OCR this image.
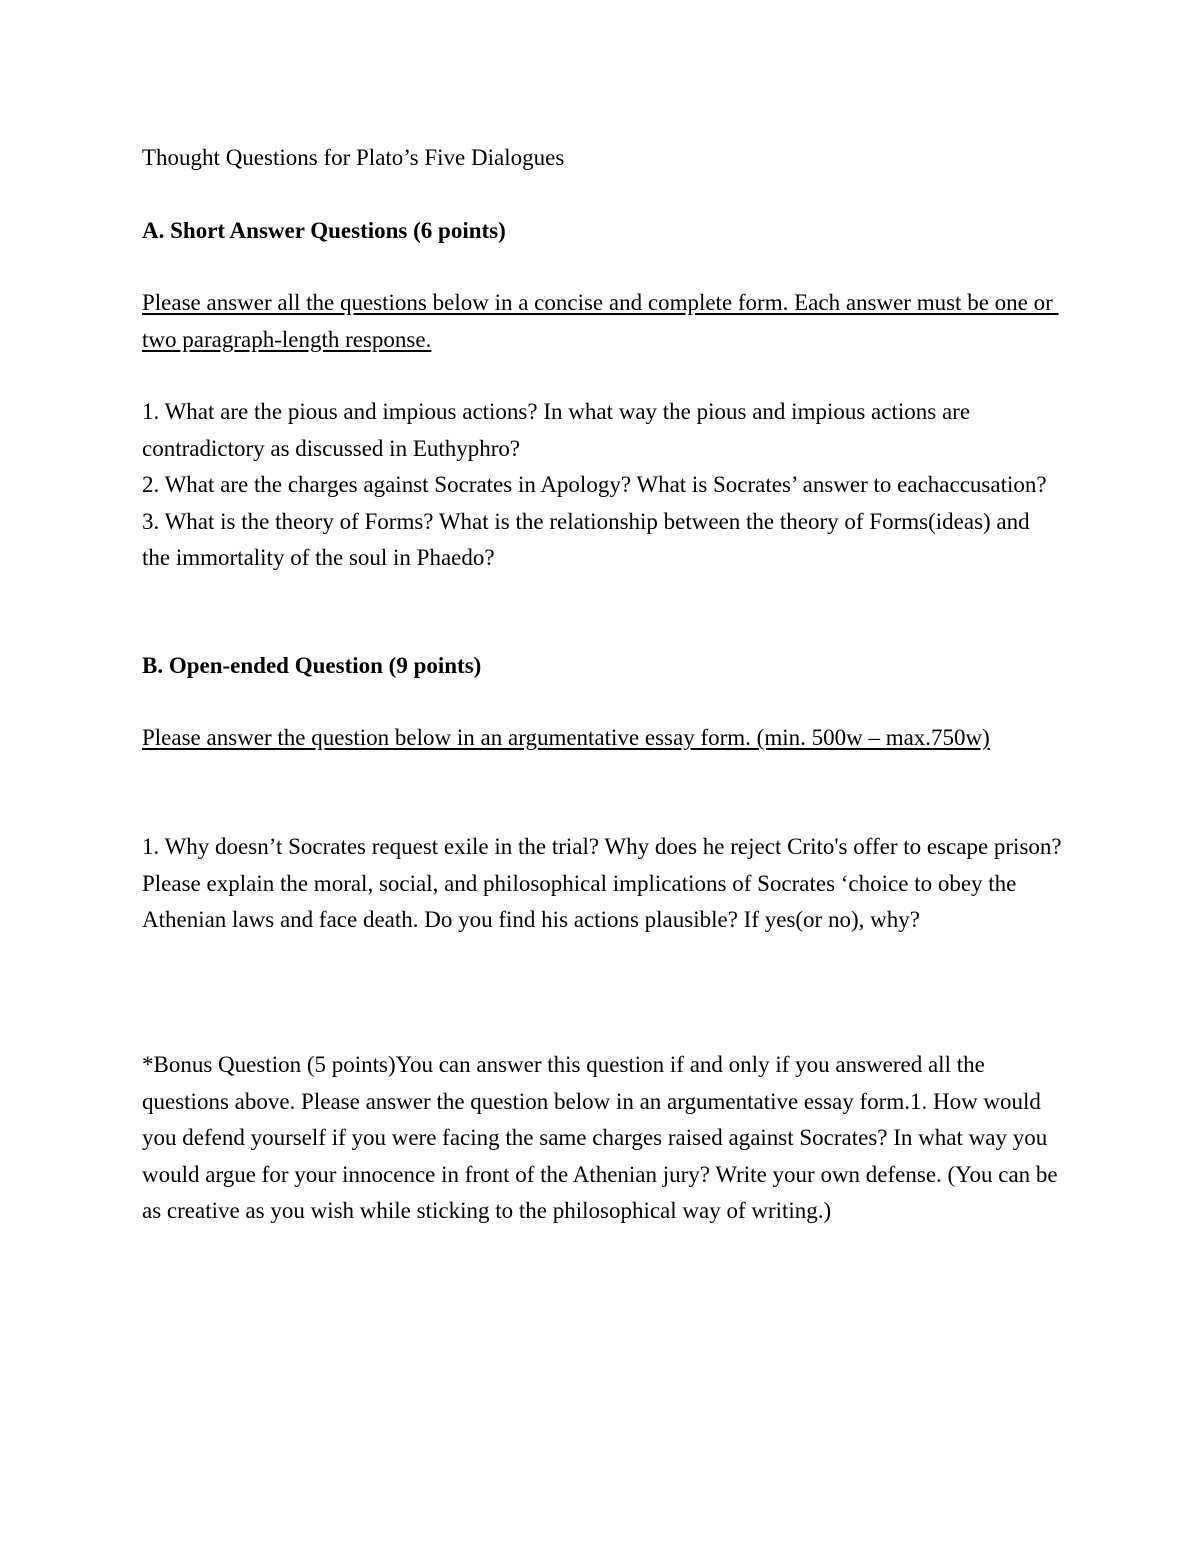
Thought Questions for Plato’s Five Dialogues

A. Short Answer Questions (6 points)

Please answer all the questions below in a concise and complete form. Each answer must be one or two paragraph-length response.

1. What are the pious and impious actions? In what way the pious and impious actions are contradictory as discussed in Euthyphro?
2. What are the charges against Socrates in Apology? What is Socrates’ answer to eachaccusation?3. What is the theory of Forms? What is the relationship between the theory of Forms(ideas) and the immortality of the soul in Phaedo?

B. Open-ended Question (9 points)

Please answer the question below in an argumentative essay form. (min. 500w – max.750w)

1. Why doesn’t Socrates request exile in the trial? Why does he reject Crito's offer to escape prison? Please explain the moral, social, and philosophical implications of Socrates ‘choice to obey the Athenian laws and face death. Do you find his actions plausible? If yes(or no), why?

*Bonus Question (5 points)You can answer this question if and only if you answered all the questions above. Please answer the question below in an argumentative essay form.1. How would you defend yourself if you were facing the same charges raised against Socrates? In what way you would argue for your innocence in front of the Athenian jury? Write your own defense. (You can be as creative as you wish while sticking to the philosophical way of writing.)
